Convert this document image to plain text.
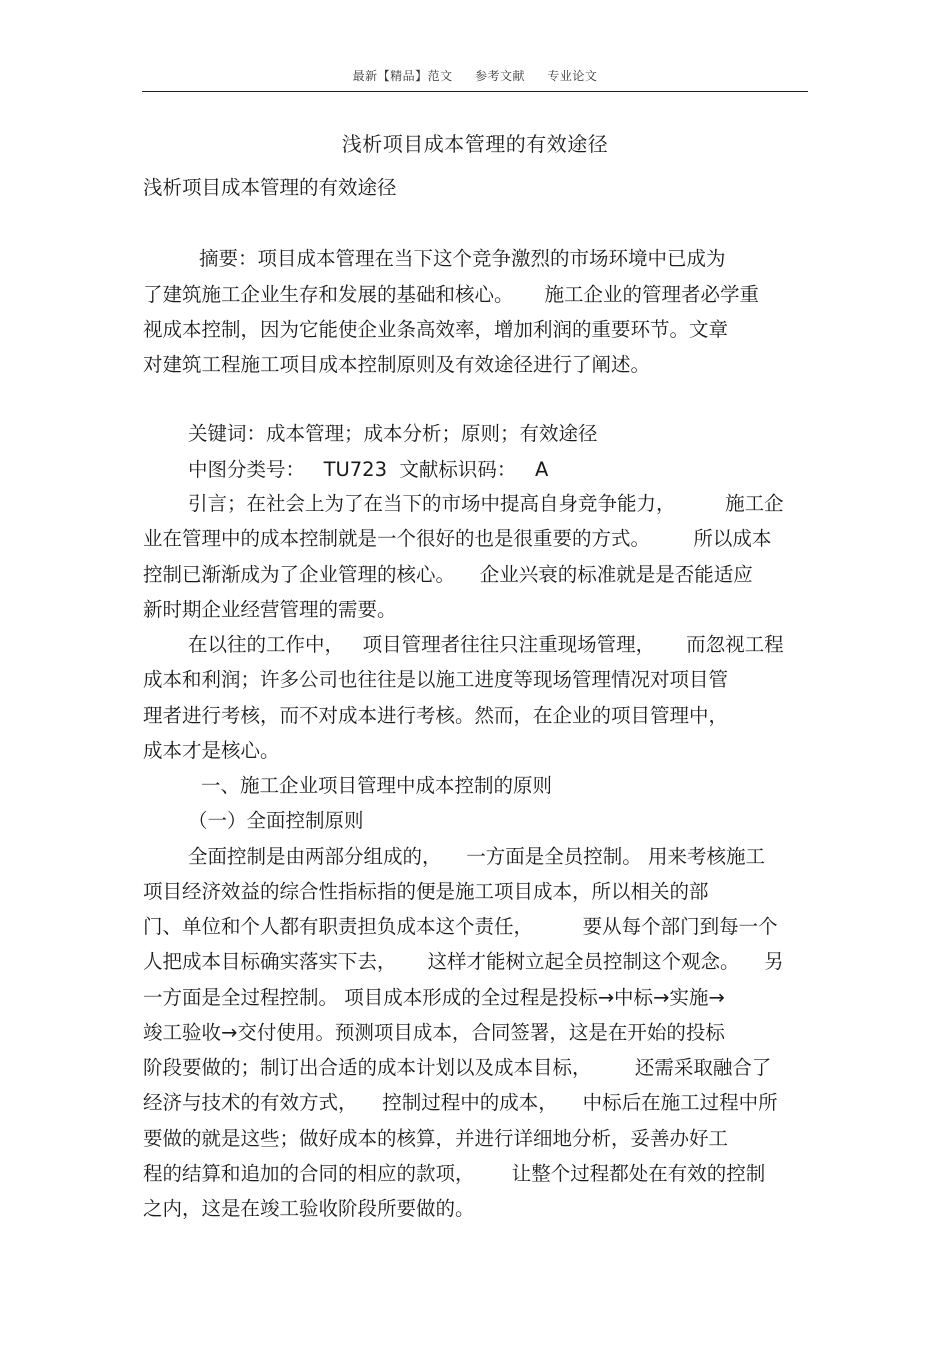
最新【精品】范文 参考文献 专业论文
浅析项目成本管理的有效途径
浅析项目成本管理的有效途径
摘要：项目成本管理在当下这个竞争激烈的市场环境中已成为
了建筑施工企业生存和发展的基础和核心。     施工企业的管理者必学重
视成本控制，因为它能使企业条高效率，增加利润的重要环节。文章
对建筑工程施工项目成本控制原则及有效途径进行了阐述。
关键词：成本管理；成本分析；原则；有效途径
中图分类号：   TU723  文献标识码：   A
引言；在社会上为了在当下的市场中提高自身竞争能力，        施工企
业在管理中的成本控制就是一个很好的也是很重要的方式。       所以成本
控制已渐渐成为了企业管理的核心。    企业兴衰的标准就是是否能适应
新时期企业经营管理的需要。
在以往的工作中，   项目管理者往往只注重现场管理，     而忽视工程
成本和利润；许多公司也往往是以施工进度等现场管理情况对项目管
理者进行考核，而不对成本进行考核。然而，在企业的项目管理中，
成本才是核心。
一、施工企业项目管理中成本控制的原则
（一）全面控制原则
全面控制是由两部分组成的，    一方面是全员控制。 用来考核施工
项目经济效益的综合性指标指的便是施工项目成本，所以相关的部
门、单位和个人都有职责担负成本这个责任，        要从每个部门到每一个
人把成本目标确实落实下去，     这样才能树立起全员控制这个观念。    另
一方面是全过程控制。 项目成本形成的全过程是投标→中标→实施→
竣工验收→交付使用。预测项目成本，合同签署，这是在开始的投标
阶段要做的；制订出合适的成本计划以及成本目标，       还需采取融合了
经济与技术的有效方式，    控制过程中的成本，    中标后在施工过程中所
要做的就是这些；做好成本的核算，并进行详细地分析，妥善办好工
程的结算和追加的合同的相应的款项，      让整个过程都处在有效的控制
之内，这是在竣工验收阶段所要做的。
